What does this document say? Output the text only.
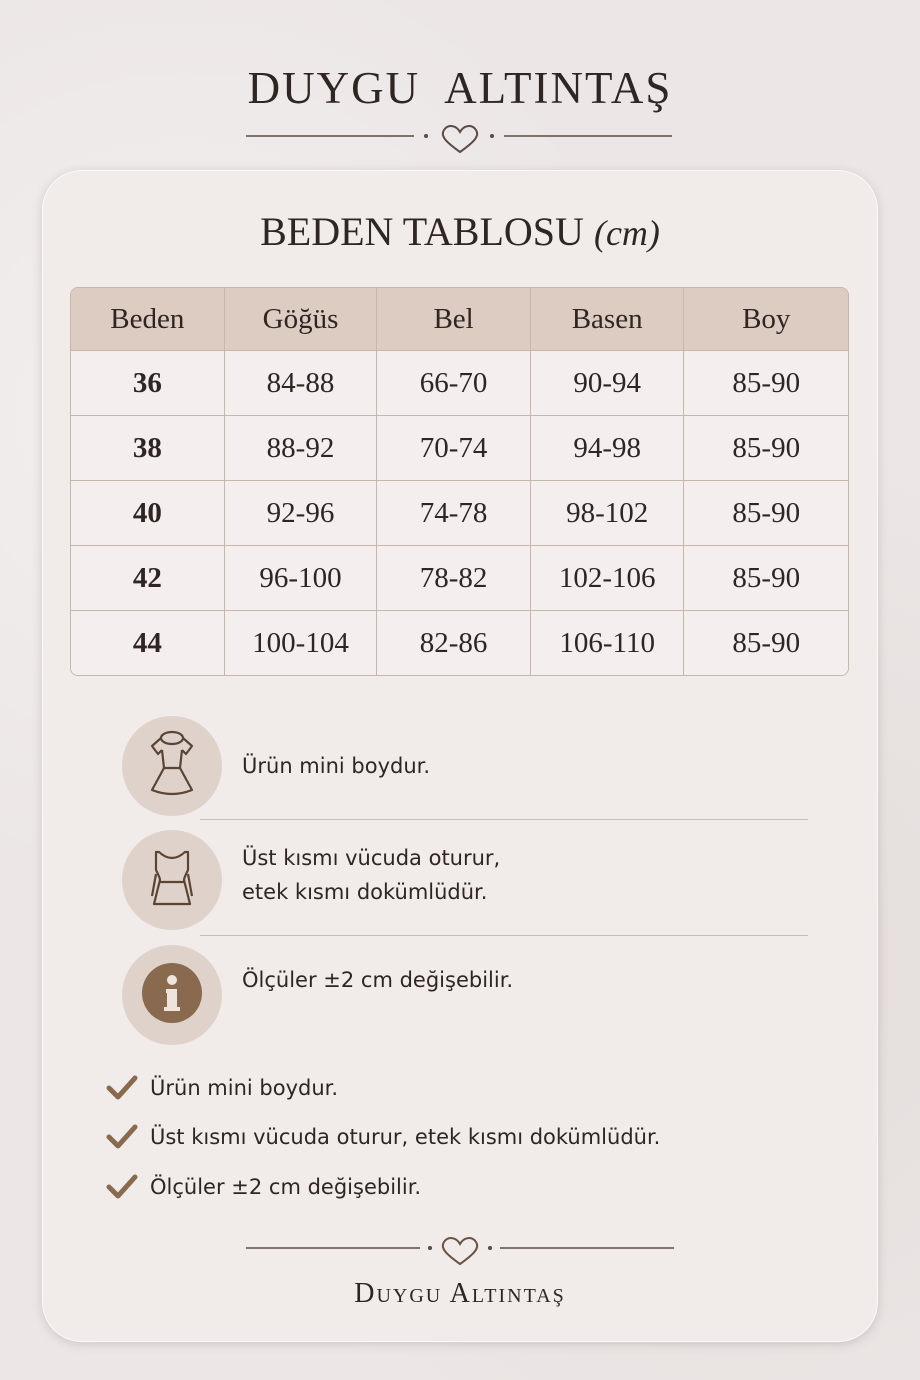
DUYGU  ALTINTAŞ
BEDEN TABLOSU (cm)
Beden	Göğüs	Bel	Basen	Boy
36	84-88	66-70	90-94	85-90
38	88-92	70-74	94-98	85-90
40	92-96	74-78	98-102	85-90
42	96-100	78-82	102-106	85-90
44	100-104	82-86	106-110	85-90
Ürün mini boydur.
Üst kısmı vücuda oturur,
etek kısmı dokümlüdür.
Ölçüler ±2 cm değişebilir.
Ürün mini boydur.
Üst kısmı vücuda oturur, etek kısmı dokümlüdür.
Ölçüler ±2 cm değişebilir.
Duygu Altıntaş
